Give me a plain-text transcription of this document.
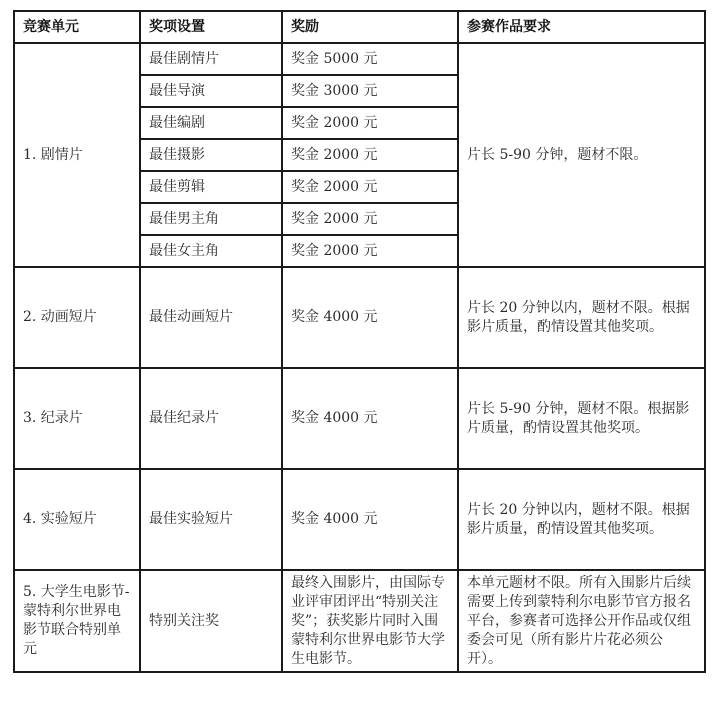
竞赛单元	奖项设置	奖励	参赛作品要求
1. 剧情片	最佳剧情片	奖金 5000 元	片长 5-90 分钟，题材不限。
	最佳导演	奖金 3000 元	
	最佳编剧	奖金 2000 元	
	最佳摄影	奖金 2000 元	
	最佳剪辑	奖金 2000 元	
	最佳男主角	奖金 2000 元	
	最佳女主角	奖金 2000 元	
2. 动画短片	最佳动画短片	奖金 4000 元	片长 20 分钟以内，题材不限。根据影片质量，酌情设置其他奖项。
3. 纪录片	最佳纪录片	奖金 4000 元	片长 5-90 分钟，题材不限。根据影片质量，酌情设置其他奖项。
4. 实验短片	最佳实验短片	奖金 4000 元	片长 20 分钟以内，题材不限。根据影片质量，酌情设置其他奖项。
5. 大学生电影节-蒙特利尔世界电影节联合特别单元	特别关注奖	最终入围影片，由国际专业评审团评出“特别关注奖”；获奖影片同时入围蒙特利尔世界电影节大学生电影节。	本单元题材不限。所有入围影片后续需要上传到蒙特利尔电影节官方报名平台，参赛者可选择公开作品或仅组委会可见（所有影片片花必须公开）。
